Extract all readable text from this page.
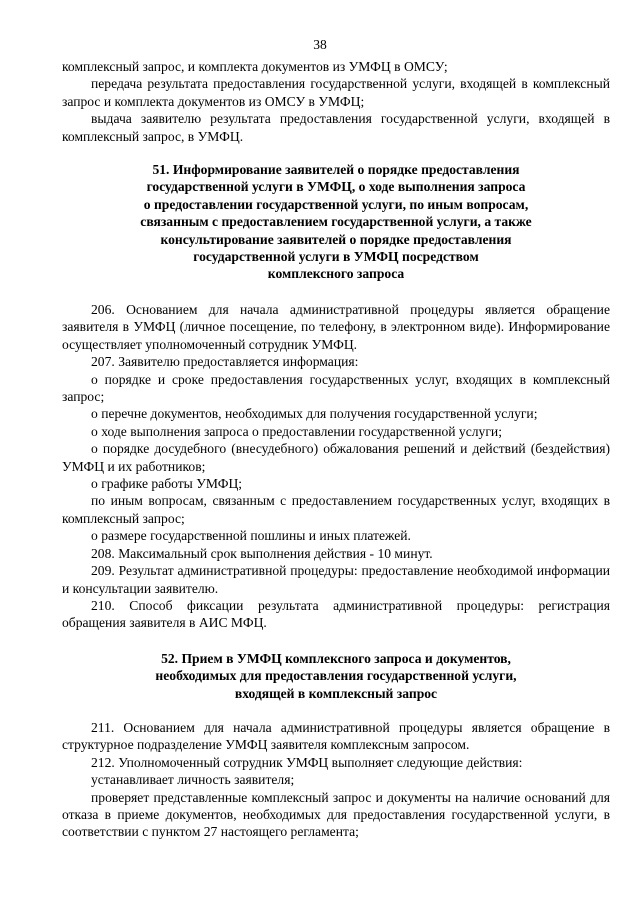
38

комплексный запрос, и комплекта документов из УМФЦ в ОМСУ;

передача результата предоставления государственной услуги, входящей в комплексный запрос и комплекта документов из ОМСУ в УМФЦ;

выдача заявителю результата предоставления государственной услуги, входящей в комплексный запрос, в УМФЦ.

51. Информирование заявителей о порядке предоставления

государственной услуги в УМФЦ, о ходе выполнения запроса

о предоставлении государственной услуги, по иным вопросам,

связанным с предоставлением государственной услуги, а также

консультирование заявителей о порядке предоставления

государственной услуги в УМФЦ посредством

комплексного запроса

206. Основанием для начала административной процедуры является обращение заявителя в УМФЦ (личное посещение, по телефону, в электронном виде). Информирование осуществляет уполномоченный сотрудник УМФЦ.

207. Заявителю предоставляется информация:

о порядке и сроке предоставления государственных услуг, входящих в комплексный запрос;

о перечне документов, необходимых для получения государственной услуги;

о ходе выполнения запроса о предоставлении государственной услуги;

о порядке досудебного (внесудебного) обжалования решений и действий (бездействия) УМФЦ и их работников;

о графике работы УМФЦ;

по иным вопросам, связанным с предоставлением государственных услуг, входящих в комплексный запрос;

о размере государственной пошлины и иных платежей.

208. Максимальный срок выполнения действия - 10 минут.

209. Результат административной процедуры: предоставление необходимой информации и консультации заявителю.

210. Способ фиксации результата административной процедуры: регистрация обращения заявителя в АИС МФЦ.

52. Прием в УМФЦ комплексного запроса и документов,

необходимых для предоставления государственной услуги,

входящей в комплексный запрос

211. Основанием для начала административной процедуры является обращение в структурное подразделение УМФЦ заявителя комплексным запросом.

212. Уполномоченный сотрудник УМФЦ выполняет следующие действия:

устанавливает личность заявителя;

проверяет представленные комплексный запрос и документы на наличие оснований для отказа в приеме документов, необходимых для предоставления государственной услуги, в соответствии с пунктом 27 настоящего регламента;
